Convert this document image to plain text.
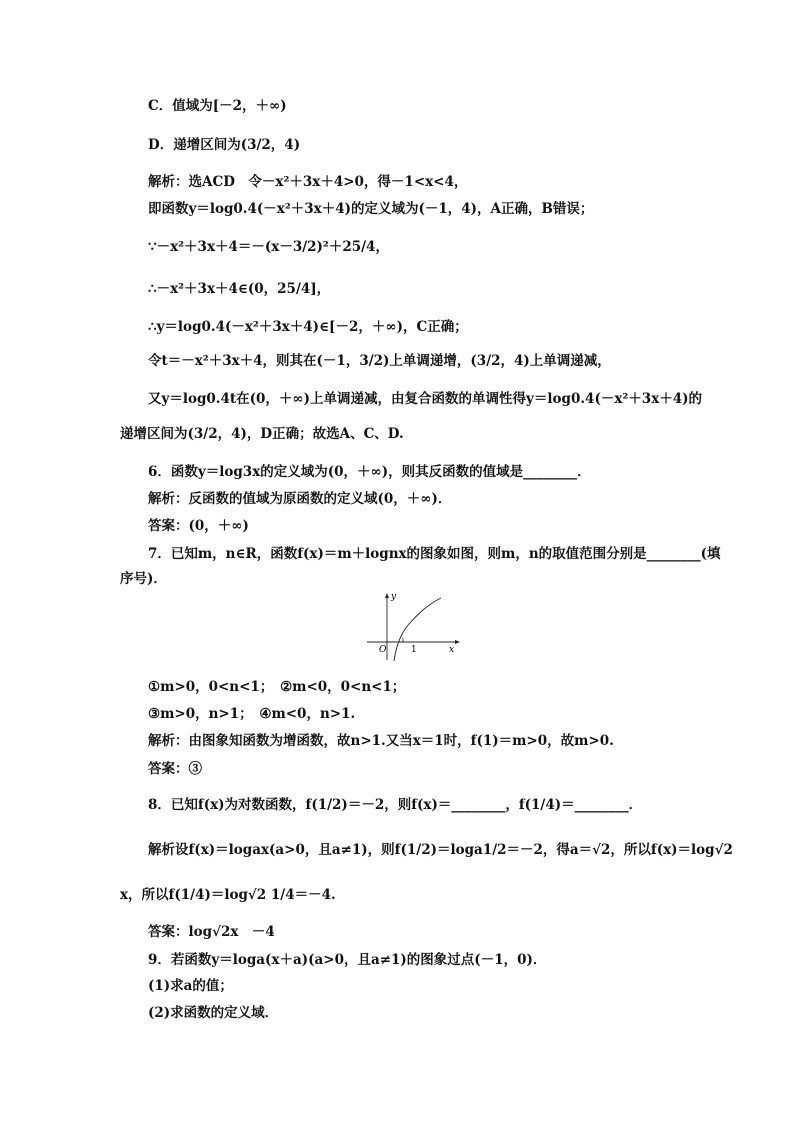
C．值域为[－2，＋∞)
D．递增区间为(3/2，4)
解析：选ACD　令－x²＋3x＋4>0，得－1<x<4，
即函数y＝log0.4(－x²＋3x＋4)的定义域为(－1，4)，A正确，B错误；
∵－x²＋3x＋4＝－(x－3/2)²＋25/4，
∴－x²＋3x＋4∈(0，25/4]，
∴y＝log0.4(－x²＋3x＋4)∈[－2，＋∞)，C正确；
令t＝－x²＋3x＋4，则其在(－1，3/2)上单调递增，(3/2，4)上单调递减，
又y＝log0.4t在(0，＋∞)上单调递减，由复合函数的单调性得y＝log0.4(－x²＋3x＋4)的
递增区间为(3/2，4)，D正确；故选A、C、D.
6．函数y＝log3x的定义域为(0，＋∞)，则其反函数的值域是________．
解析：反函数的值域为原函数的定义域(0，＋∞)．
答案：(0，＋∞)
7．已知m，n∈R，函数f(x)＝m＋lognx的图象如图，则m，n的取值范围分别是________(填
序号)．
y
O	1	x
①m>0，0<n<1；　②m<0，0<n<1；
③m>0，n>1；　④m<0，n>1.
解析：由图象知函数为增函数，故n>1.又当x＝1时，f(1)＝m>0，故m>0.
答案：③
8．已知f(x)为对数函数，f(1/2)＝－2，则f(x)＝________，f(1/4)＝________．
解析设f(x)＝logax(a>0，且a≠1)，则f(1/2)＝loga1/2＝－2，得a＝√2，所以f(x)＝log√2
x，所以f(1/4)＝log√2 1/4＝－4.
答案：log√2x　－4
9．若函数y＝loga(x＋a)(a>0，且a≠1)的图象过点(－1，0)．
(1)求a的值；
(2)求函数的定义域．
